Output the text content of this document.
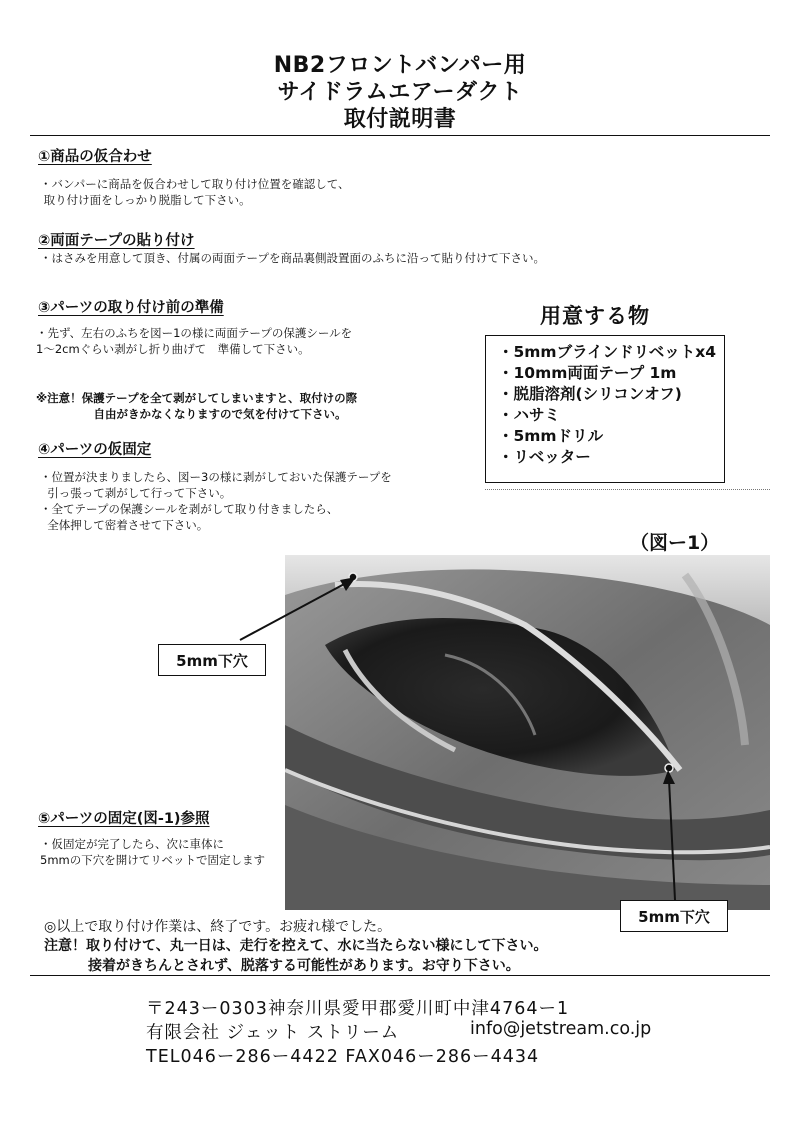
NB2フロントバンパー用
サイドラムエアーダクト
取付説明書
①商品の仮合わせ
・バンパーに商品を仮合わせして取り付け位置を確認して、
取り付け面をしっかり脱脂して下さい。
②両面テープの貼り付け
・はさみを用意して頂き、付属の両面テープを商品裏側設置面のふちに沿って貼り付けて下さい。
③パーツの取り付け前の準備
・先ず、左右のふちを図ー1の様に両面テープの保護シールを
1～2cmぐらい剥がし折り曲げて　準備して下さい。
※注意！保護テープを全て剥がしてしまいますと、取付けの際
　　　　　自由がきかなくなりますので気を付けて下さい。
④パーツの仮固定
・位置が決まりましたら、図ー3の様に剥がしておいた保護テープを
引っ張って剥がして行って下さい。
・全てテープの保護シールを剥がして取り付きましたら、
全体押して密着させて下さい。
用意する物
・5mmブラインドリベットx4
・10mm両面テープ 1m
・脱脂溶剤(シリコンオフ)
・ハサミ
・5mmドリル
・リベッター
（図ー1）
5mm下穴
5mm下穴
⑤パーツの固定(図-1)参照
・仮固定が完了したら、次に車体に
5mmの下穴を開けてリベットで固定します
◎以上で取り付け作業は、終了です。お疲れ様でした。
注意！取り付けて、丸一日は、走行を控えて、水に当たらない様にして下さい。
接着がきちんとされず、脱落する可能性があります。お守り下さい。
〒243ー0303神奈川県愛甲郡愛川町中津4764ー1
有限会社 ジェット ストリーム	info@jetstream.co.jp
TEL046ー286ー4422 FAX046ー286ー4434
